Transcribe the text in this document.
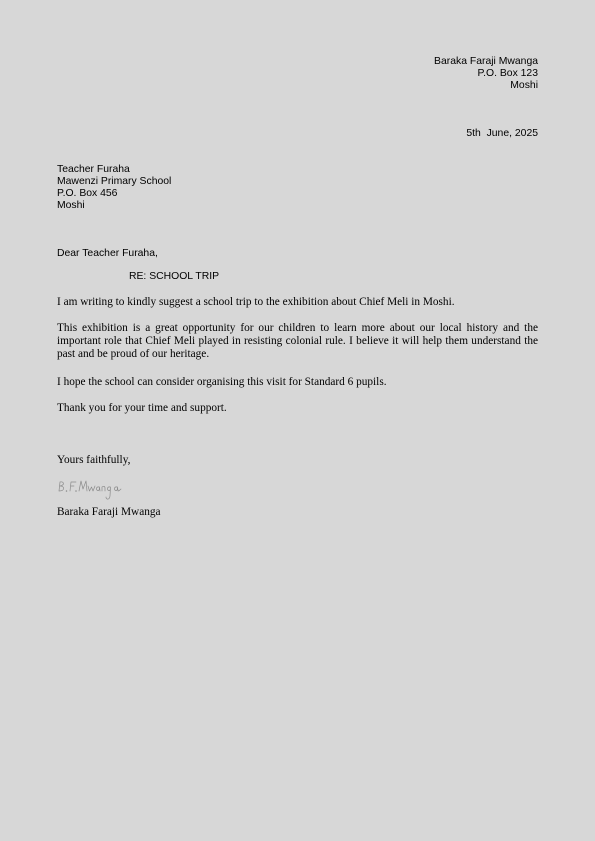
Baraka Faraji Mwanga
P.O. Box 123
Moshi
5th  June, 2025
Teacher Furaha
Mawenzi Primary School
P.O. Box 456
Moshi
Dear Teacher Furaha,
RE: SCHOOL TRIP
I am writing to kindly suggest a school trip to the exhibition about Chief Meli in Moshi.
This exhibition is a great opportunity for our children to learn more about our local history and the important role that Chief Meli played in resisting colonial rule. I believe it will help them understand the past and be proud of our heritage.
I hope the school can consider organising this visit for Standard 6 pupils.
Thank you for your time and support.
Yours faithfully,
Baraka Faraji Mwanga
